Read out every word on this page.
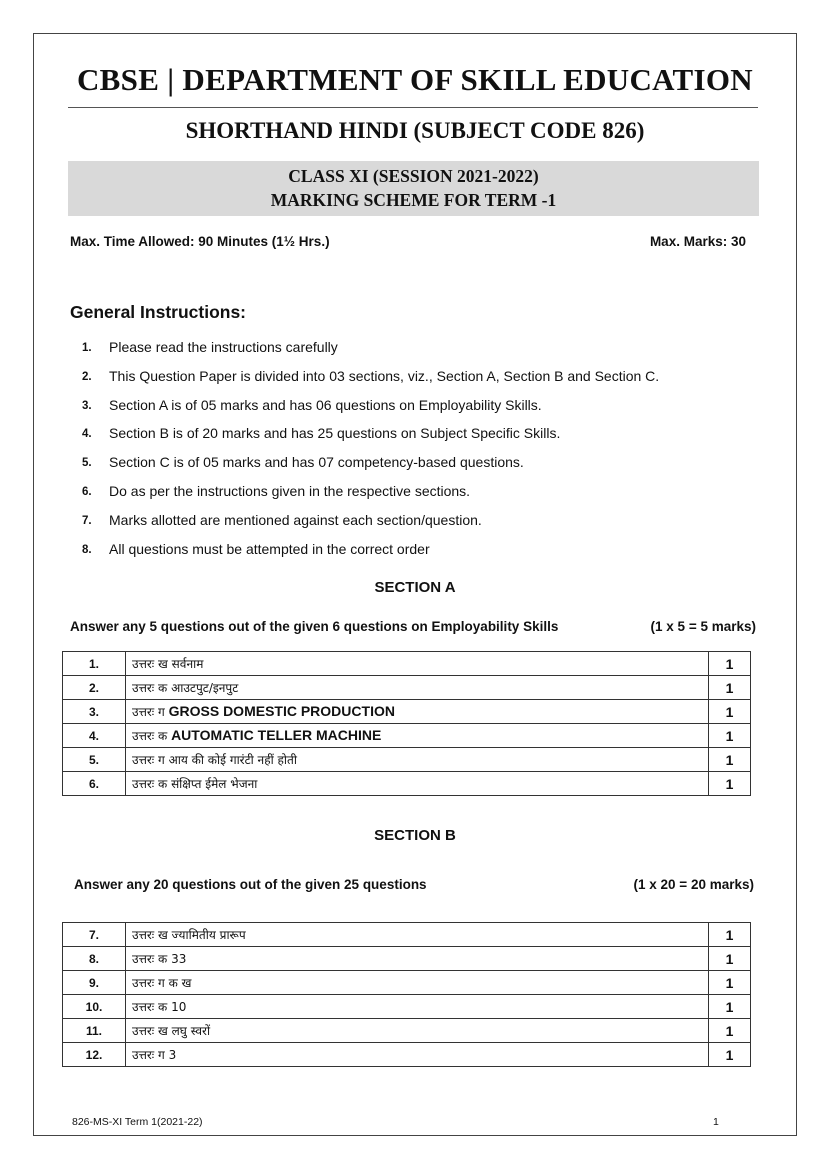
CBSE | DEPARTMENT OF SKILL EDUCATION
SHORTHAND HINDI (SUBJECT CODE 826)
CLASS XI (SESSION 2021-2022)
MARKING SCHEME FOR TERM -1
Max. Time Allowed: 90 Minutes (1½ Hrs.)	Max. Marks: 30
General Instructions:
1.	Please read the instructions carefully
2.	This Question Paper is divided into 03 sections, viz., Section A, Section B and Section C.
3.	Section A is of 05 marks and has 06 questions on Employability Skills.
4.	Section B is of 20 marks and has 25 questions on Subject Specific Skills.
5.	Section C is of 05 marks and has 07 competency-based questions.
6.	Do as per the instructions given in the respective sections.
7.	Marks allotted are mentioned against each section/question.
8.	All questions must be attempted in the correct order
SECTION A
Answer any 5 questions out of the given 6 questions on Employability Skills	(1 x 5 = 5 marks)
1.	उत्तरः ख सर्वनाम	1
2.	उत्तरः क आउटपुट/इनपुट	1
3.	उत्तरः ग GROSS DOMESTIC PRODUCTION	1
4.	उत्तरः क AUTOMATIC TELLER MACHINE	1
5.	उत्तरः ग आय की कोई गारंटी नहीं होती	1
6.	उत्तरः क संक्षिप्त ईमेल भेजना	1
SECTION B
Answer any 20 questions out of the given 25 questions	(1 x 20 = 20 marks)
7.	उत्तरः ख ज्यामितीय प्रारूप	1
8.	उत्तरः क 33	1
9.	उत्तरः ग क ख	1
10.	उत्तरः क 10	1
11.	उत्तरः ख लघु स्वरों	1
12.	उत्तरः ग 3	1
826-MS-XI Term 1(2021-22)	1
